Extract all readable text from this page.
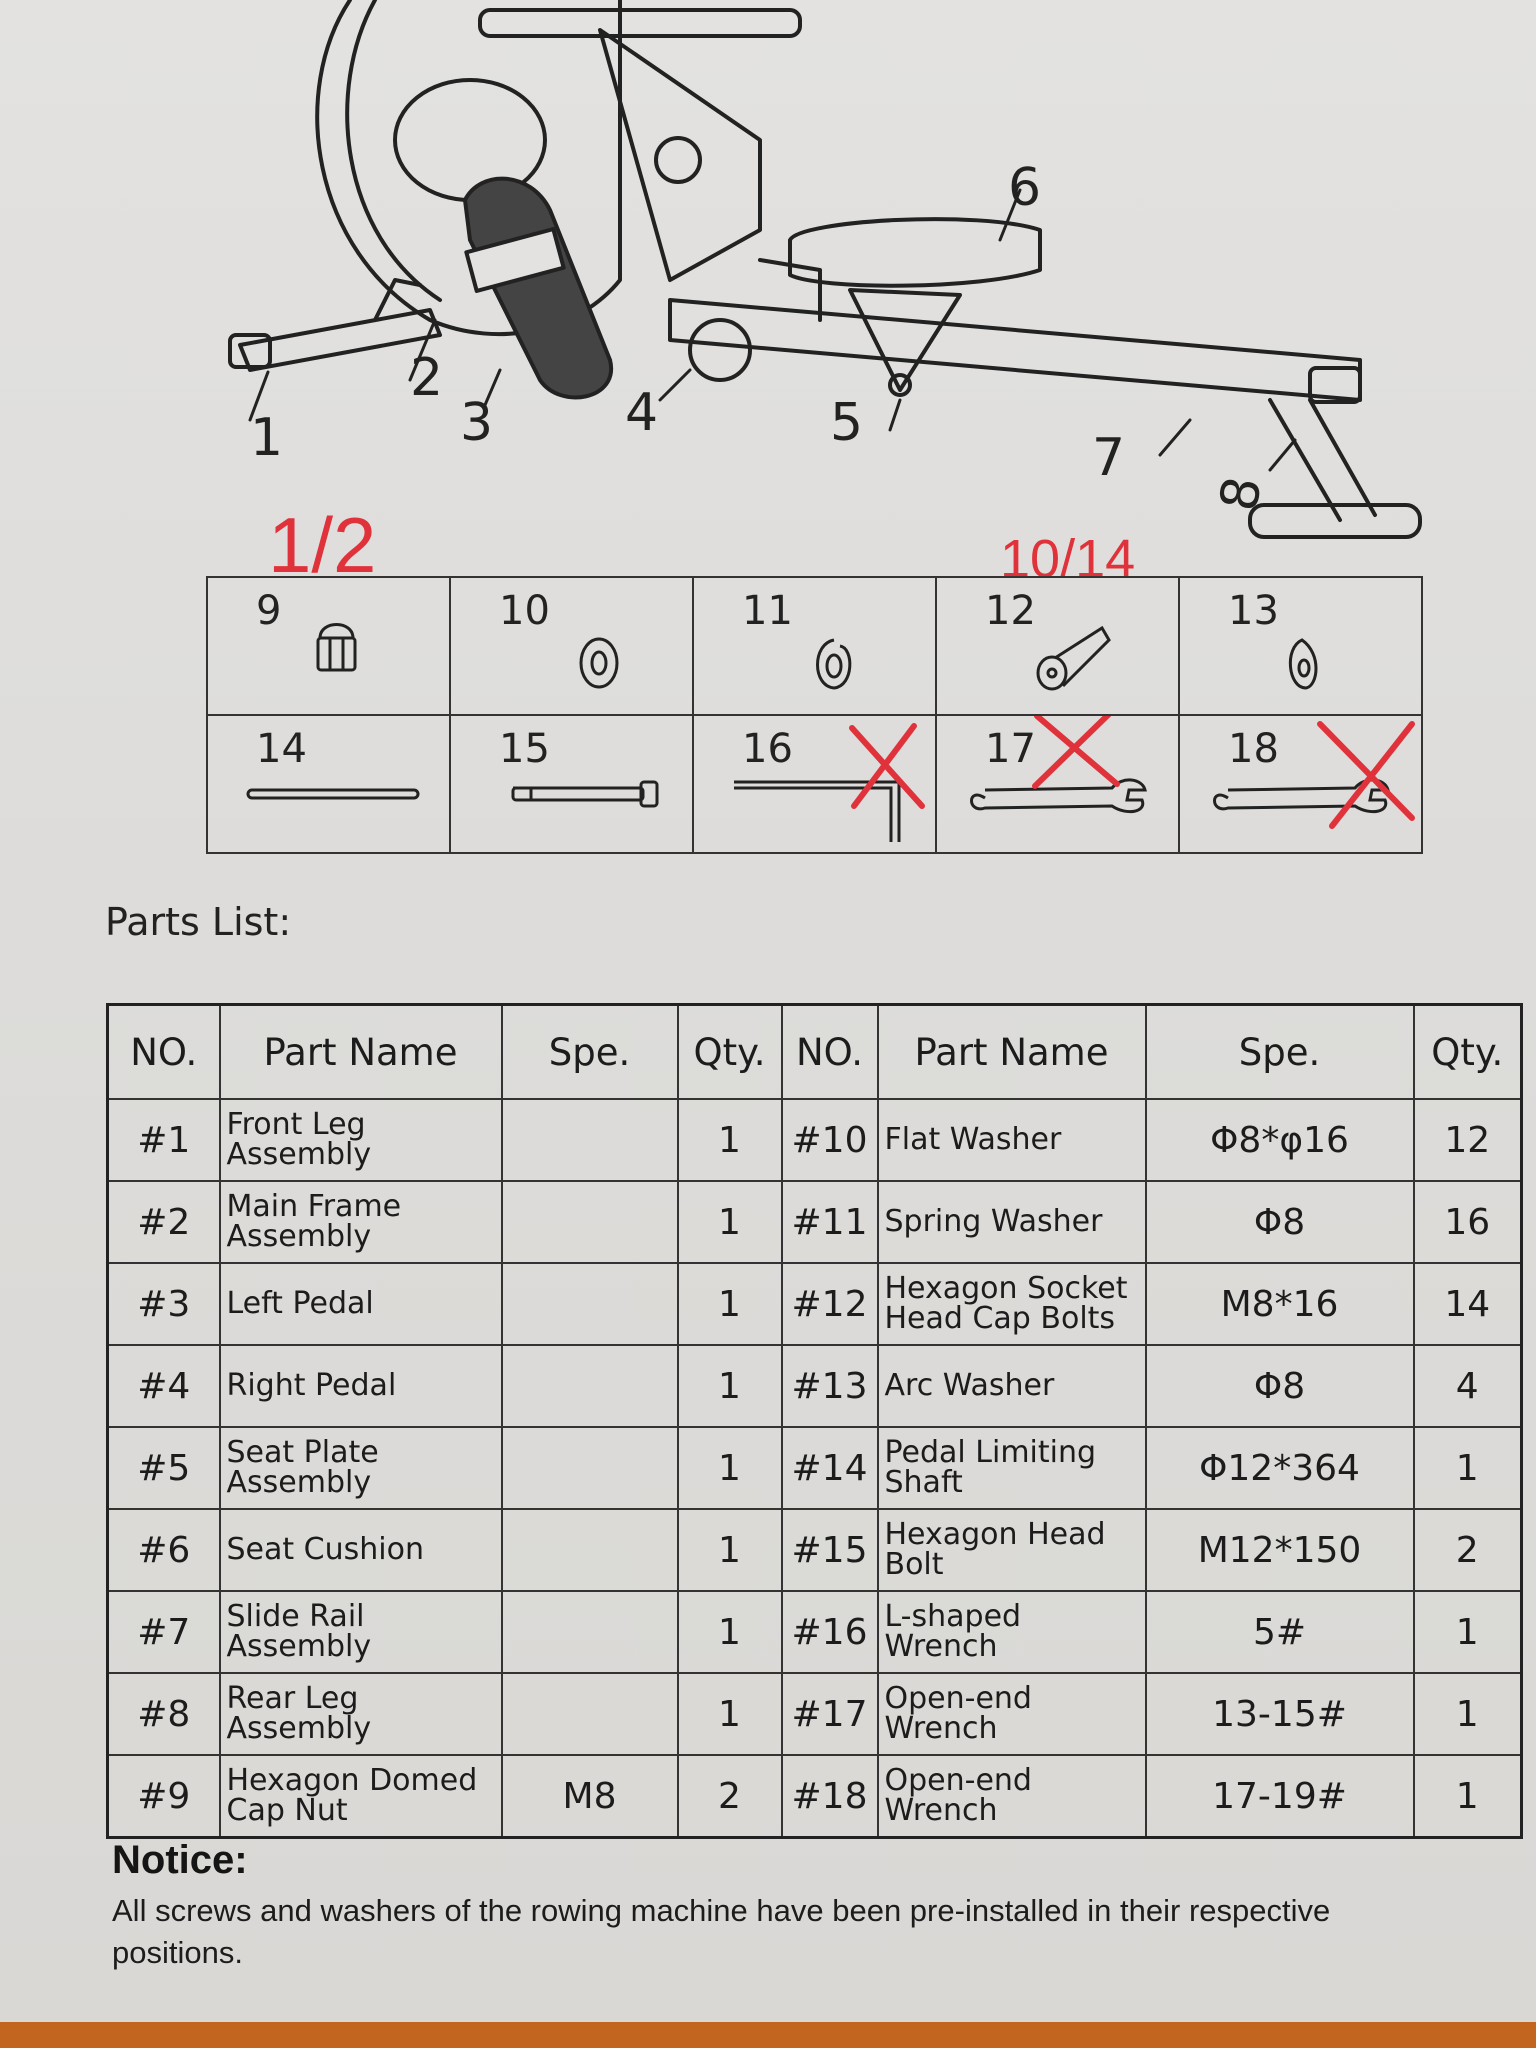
1
2
3	4	5
6
7
8
1/2	10/14
9	10	11	12	13

14	15	16	17	18
Parts List:
NO.	Part Name	Spe.	Qty.	NO.	Part Name	Spe.	Qty.
#1	Front Leg Assembly		1	#10	Flat Washer	Φ8*φ16	12
#2	Main Frame Assembly		1	#11	Spring Washer	Φ8	16
#3	Left Pedal		1	#12	Hexagon Socket Head Cap Bolts	M8*16	14
#4	Right Pedal		1	#13	Arc Washer	Φ8	4
#5	Seat Plate Assembly		1	#14	Pedal Limiting Shaft	Φ12*364	1
#6	Seat Cushion		1	#15	Hexagon Head Bolt	M12*150	2
#7	Slide Rail Assembly		1	#16	L-shaped Wrench	5#	1
#8	Rear Leg Assembly		1	#17	Open-end Wrench	13-15#	1
#9	Hexagon Domed Cap Nut	M8	2	#18	Open-end Wrench	17-19#	1
Notice:
All screws and washers of the rowing machine have been pre-installed in their respective positions.
